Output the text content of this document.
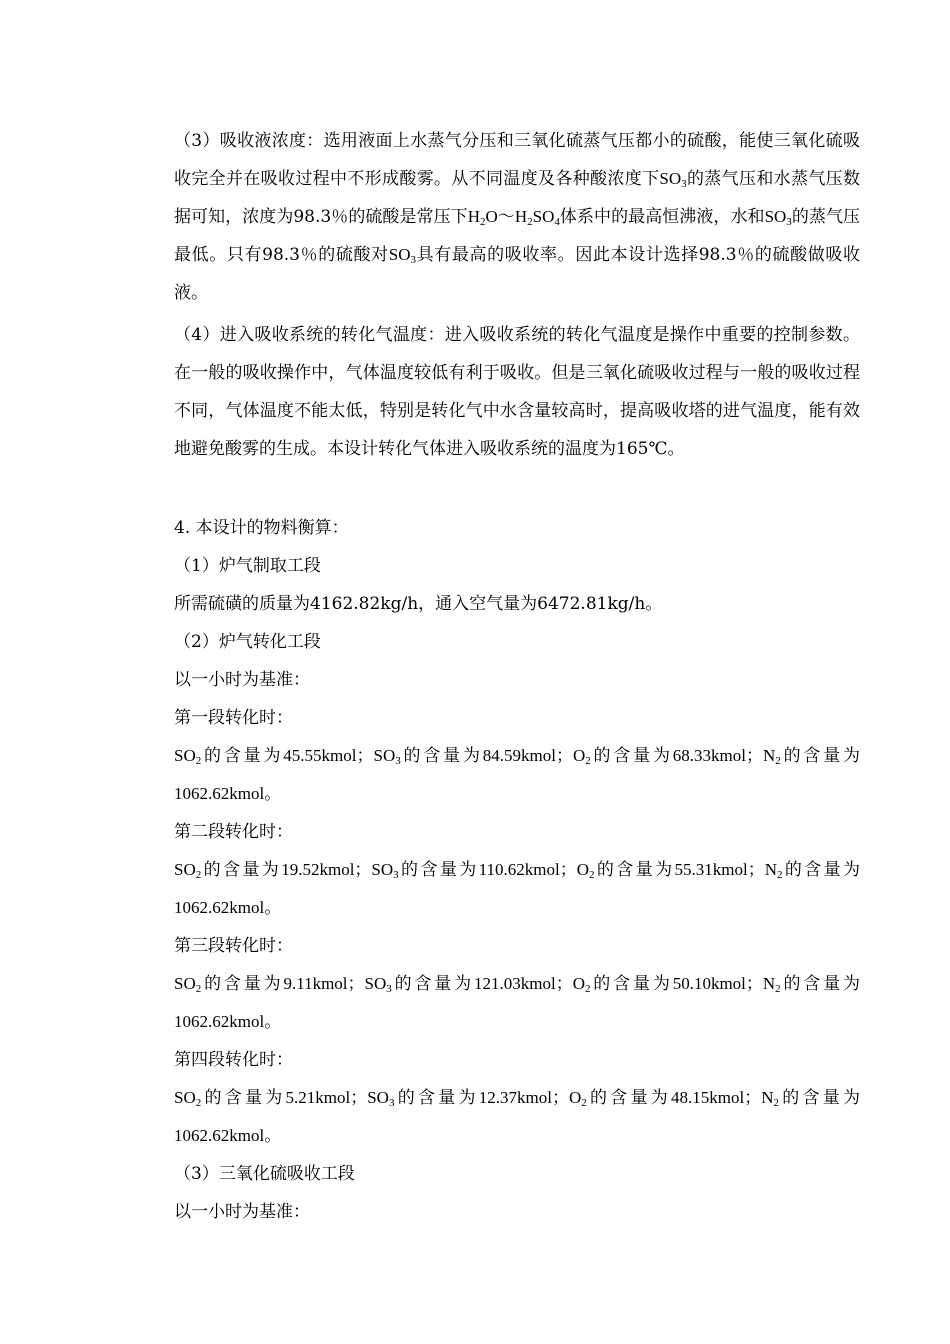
（3）吸收液浓度：选用液面上水蒸气分压和三氧化硫蒸气压都小的硫酸，能使三氧化硫吸收完全并在吸收过程中不形成酸雾。从不同温度及各种酸浓度下$SO_3$的蒸气压和水蒸气压数据可知，浓度为98.3％的硫酸是常压下$H_2O\sim H_2SO_4$体系中的最高恒沸液，水和$SO_3$的蒸气压最低。只有98.3％的硫酸对$SO_3$具有最高的吸收率。因此本设计选择98.3％的硫酸做吸收液。

（4）进入吸收系统的转化气温度：进入吸收系统的转化气温度是操作中重要的控制参数。在一般的吸收操作中，气体温度较低有利于吸收。但是三氧化硫吸收过程与一般的吸收过程不同，气体温度不能太低，特别是转化气中水含量较高时，提高吸收塔的进气温度，能有效地避免酸雾的生成。本设计转化气体进入吸收系统的温度为165℃。

4. 本设计的物料衡算：

（1）炉气制取工段

所需硫磺的质量为4162.82kg/h，通入空气量为6472.81kg/h。

（2）炉气转化工段

以一小时为基准：

第一段转化时：

$SO_2$的含量为45.55kmol；$SO_3$的含量为84.59kmol；$O_2$的含量为68.33kmol；$N_2$的含量为1062.62kmol。

第二段转化时：

$SO_2$的含量为19.52kmol；$SO_3$的含量为110.62kmol；$O_2$的含量为55.31kmol；$N_2$的含量为1062.62kmol。

第三段转化时：

$SO_2$的含量为9.11kmol；$SO_3$的含量为121.03kmol；$O_2$的含量为50.10kmol；$N_2$的含量为1062.62kmol。

第四段转化时：

$SO_2$的含量为5.21kmol；$SO_3$的含量为12.37kmol；$O_2$的含量为48.15kmol；$N_2$的含量为1062.62kmol。

（3）三氧化硫吸收工段

以一小时为基准：
